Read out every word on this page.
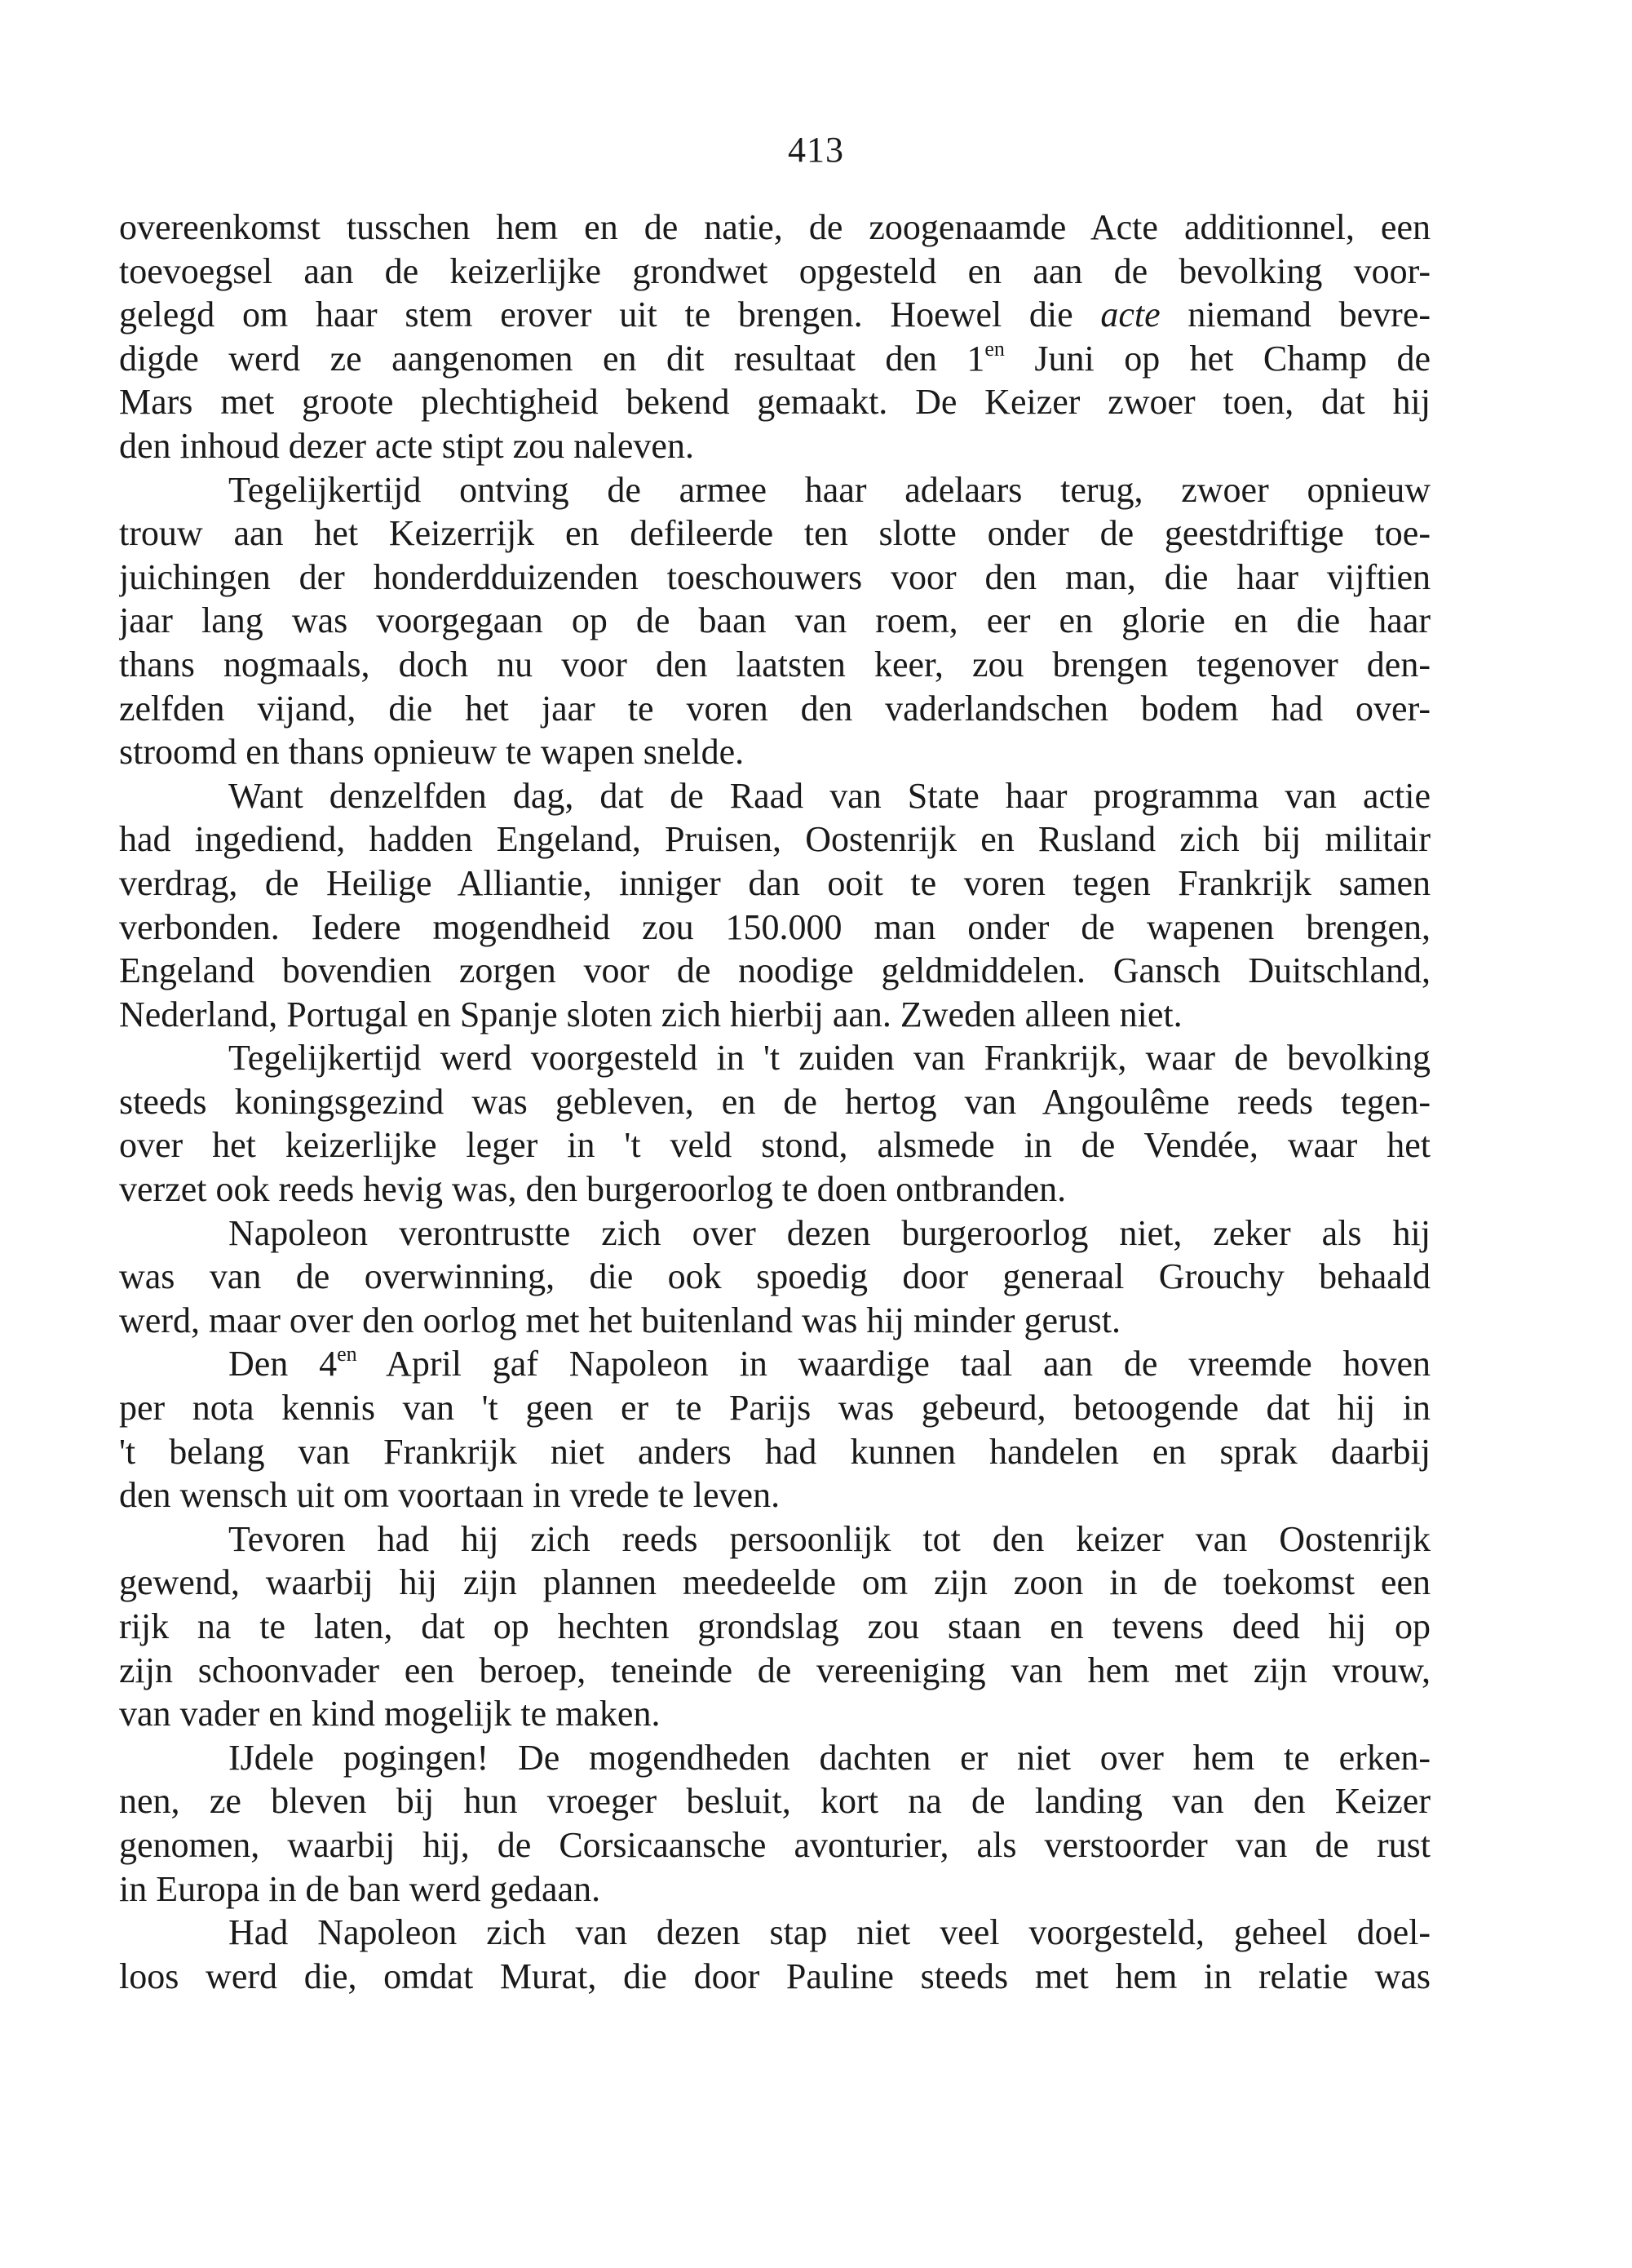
413
overeenkomst tusschen hem en de natie, de zoogenaamde Acte additionnel, een
toevoegsel aan de keizerlijke grondwet opgesteld en aan de bevolking voor-
gelegd om haar stem erover uit te brengen. Hoewel die acte niemand bevre-
digde werd ze aangenomen en dit resultaat den $1^{en}$ Juni op het Champ de
Mars met groote plechtigheid bekend gemaakt. De Keizer zwoer toen, dat hij
den inhoud dezer acte stipt zou naleven.
Tegelijkertijd ontving de armee haar adelaars terug, zwoer opnieuw
trouw aan het Keizerrijk en defileerde ten slotte onder de geestdriftige toe-
juichingen der honderdduizenden toeschouwers voor den man, die haar vijftien
jaar lang was voorgegaan op de baan van roem, eer en glorie en die haar
thans nogmaals, doch nu voor den laatsten keer, zou brengen tegenover den-
zelfden vijand, die het jaar te voren den vaderlandschen bodem had over-
stroomd en thans opnieuw te wapen snelde.
Want denzelfden dag, dat de Raad van State haar programma van actie
had ingediend, hadden Engeland, Pruisen, Oostenrijk en Rusland zich bij militair
verdrag, de Heilige Alliantie, inniger dan ooit te voren tegen Frankrijk samen
verbonden. Iedere mogendheid zou 150.000 man onder de wapenen brengen,
Engeland bovendien zorgen voor de noodige geldmiddelen. Gansch Duitschland,
Nederland, Portugal en Spanje sloten zich hierbij aan. Zweden alleen niet.
Tegelijkertijd werd voorgesteld in 't zuiden van Frankrijk, waar de bevolking
steeds koningsgezind was gebleven, en de hertog van Angoulême reeds tegen-
over het keizerlijke leger in 't veld stond, alsmede in de Vendée, waar het
verzet ook reeds hevig was, den burgeroorlog te doen ontbranden.
Napoleon verontrustte zich over dezen burgeroorlog niet, zeker als hij
was van de overwinning, die ook spoedig door generaal Grouchy behaald
werd, maar over den oorlog met het buitenland was hij minder gerust.
Den $4^{en}$ April gaf Napoleon in waardige taal aan de vreemde hoven
per nota kennis van 't geen er te Parijs was gebeurd, betoogende dat hij in
't belang van Frankrijk niet anders had kunnen handelen en sprak daarbij
den wensch uit om voortaan in vrede te leven.
Tevoren had hij zich reeds persoonlijk tot den keizer van Oostenrijk
gewend, waarbij hij zijn plannen meedeelde om zijn zoon in de toekomst een
rijk na te laten, dat op hechten grondslag zou staan en tevens deed hij op
zijn schoonvader een beroep, teneinde de vereeniging van hem met zijn vrouw,
van vader en kind mogelijk te maken.
IJdele pogingen! De mogendheden dachten er niet over hem te erken-
nen, ze bleven bij hun vroeger besluit, kort na de landing van den Keizer
genomen, waarbij hij, de Corsicaansche avonturier, als verstoorder van de rust
in Europa in de ban werd gedaan.
Had Napoleon zich van dezen stap niet veel voorgesteld, geheel doel-
loos werd die, omdat Murat, die door Pauline steeds met hem in relatie was
